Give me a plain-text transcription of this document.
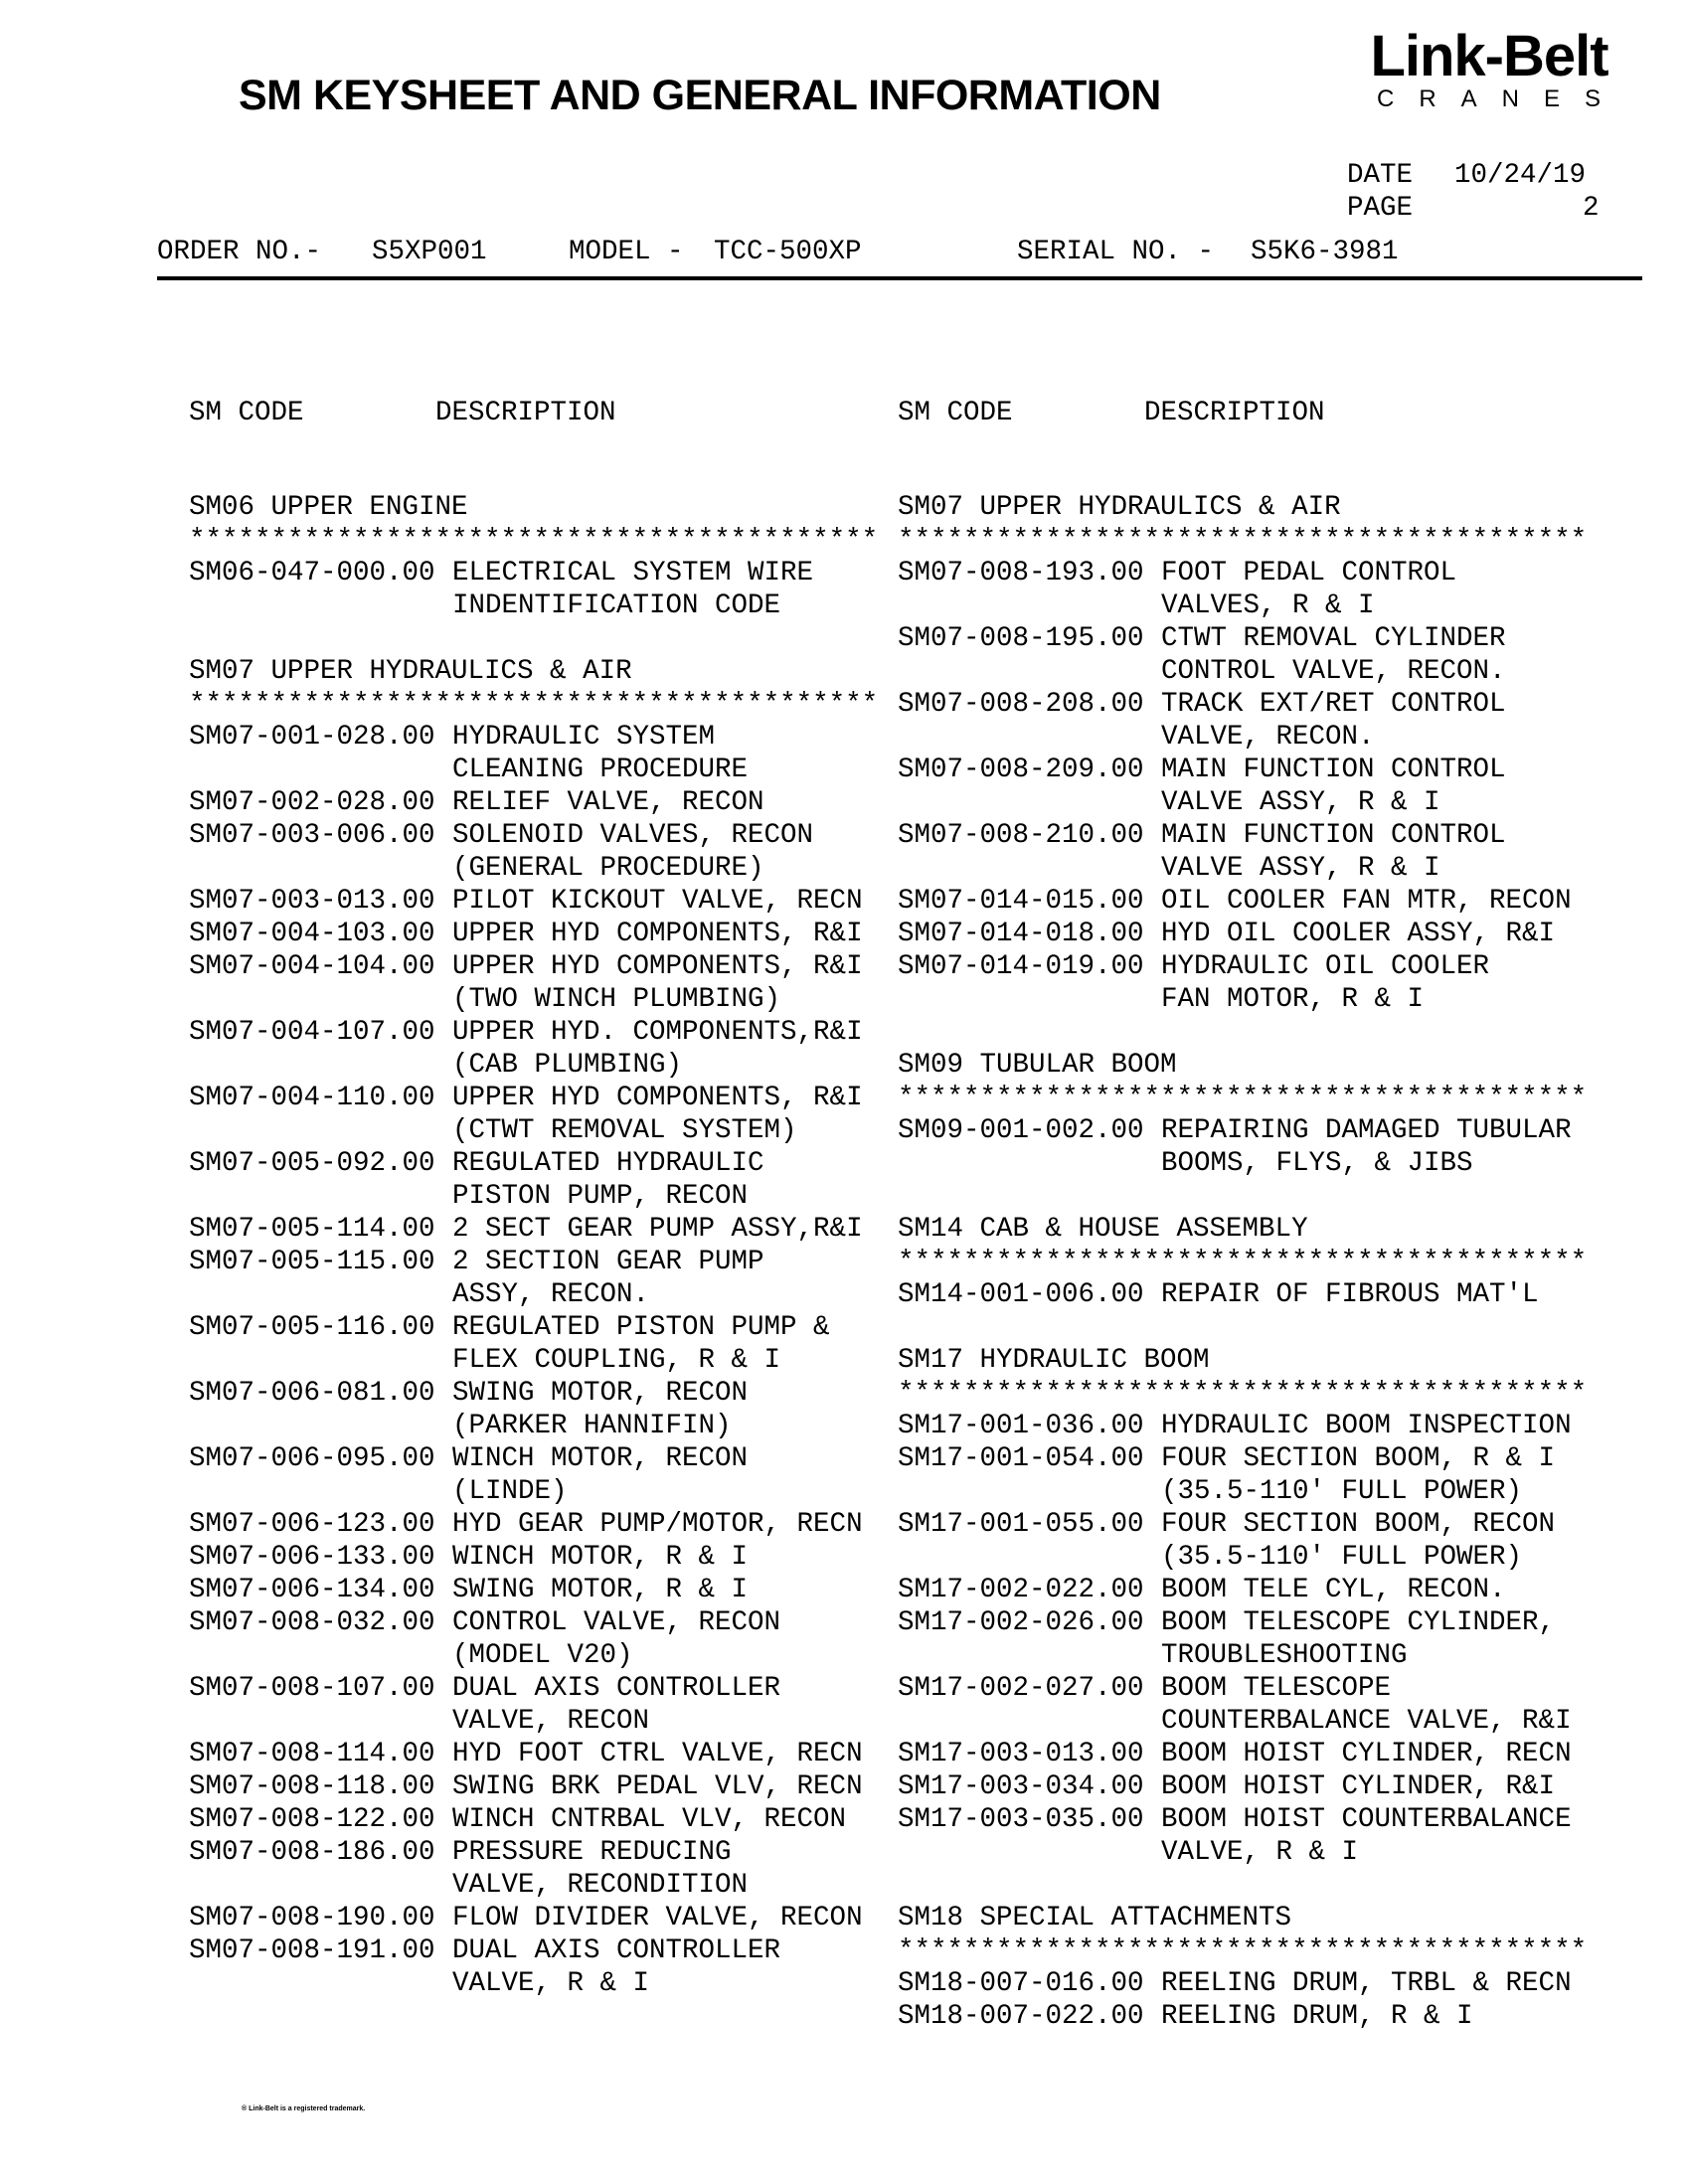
SM KEYSHEET AND GENERAL INFORMATION
Link-Belt
CRANES
DATE 10/24/19
PAGE	2
ORDER NO.- S5XP001	MODEL - TCC-500XP	SERIAL NO. - S5K6-3981

SM CODE	DESCRIPTION

SM06 UPPER ENGINE
******************************************
SM06-047-000.00 ELECTRICAL SYSTEM WIRE
INDENTIFICATION CODE
SM07 UPPER HYDRAULICS & AIR
******************************************
SM07-001-028.00 HYDRAULIC SYSTEM
CLEANING PROCEDURE
SM07-002-028.00 RELIEF VALVE, RECON
SM07-003-006.00 SOLENOID VALVES, RECON
(GENERAL PROCEDURE)
SM07-003-013.00 PILOT KICKOUT VALVE, RECN
SM07-004-103.00 UPPER HYD COMPONENTS, R&I
SM07-004-104.00 UPPER HYD COMPONENTS, R&I
(TWO WINCH PLUMBING)
SM07-004-107.00 UPPER HYD. COMPONENTS,R&I
(CAB PLUMBING)
SM07-004-110.00 UPPER HYD COMPONENTS, R&I
(CTWT REMOVAL SYSTEM)
SM07-005-092.00 REGULATED HYDRAULIC
PISTON PUMP, RECON
SM07-005-114.00 2 SECT GEAR PUMP ASSY,R&I
SM07-005-115.00 2 SECTION GEAR PUMP
ASSY, RECON.
SM07-005-116.00 REGULATED PISTON PUMP &
FLEX COUPLING, R & I
SM07-006-081.00 SWING MOTOR, RECON
(PARKER HANNIFIN)
SM07-006-095.00 WINCH MOTOR, RECON
(LINDE)
SM07-006-123.00 HYD GEAR PUMP/MOTOR, RECN
SM07-006-133.00 WINCH MOTOR, R & I
SM07-006-134.00 SWING MOTOR, R & I
SM07-008-032.00 CONTROL VALVE, RECON
(MODEL V20)
SM07-008-107.00 DUAL AXIS CONTROLLER
VALVE, RECON
SM07-008-114.00 HYD FOOT CTRL VALVE, RECN
SM07-008-118.00 SWING BRK PEDAL VLV, RECN
SM07-008-122.00 WINCH CNTRBAL VLV, RECON
SM07-008-186.00 PRESSURE REDUCING
VALVE, RECONDITION
SM07-008-190.00 FLOW DIVIDER VALVE, RECON
SM07-008-191.00 DUAL AXIS CONTROLLER
VALVE, R & I

SM CODE	DESCRIPTION

SM07 UPPER HYDRAULICS & AIR
******************************************
SM07-008-193.00 FOOT PEDAL CONTROL
VALVES, R & I
SM07-008-195.00 CTWT REMOVAL CYLINDER
CONTROL VALVE, RECON.
SM07-008-208.00 TRACK EXT/RET CONTROL
VALVE, RECON.
SM07-008-209.00 MAIN FUNCTION CONTROL
VALVE ASSY, R & I
SM07-008-210.00 MAIN FUNCTION CONTROL
VALVE ASSY, R & I
SM07-014-015.00 OIL COOLER FAN MTR, RECON
SM07-014-018.00 HYD OIL COOLER ASSY, R&I
SM07-014-019.00 HYDRAULIC OIL COOLER
FAN MOTOR, R & I
SM09 TUBULAR BOOM
******************************************
SM09-001-002.00 REPAIRING DAMAGED TUBULAR
BOOMS, FLYS, & JIBS
SM14 CAB & HOUSE ASSEMBLY
******************************************
SM14-001-006.00 REPAIR OF FIBROUS MAT'L
SM17 HYDRAULIC BOOM
******************************************
SM17-001-036.00 HYDRAULIC BOOM INSPECTION
SM17-001-054.00 FOUR SECTION BOOM, R & I
(35.5-110' FULL POWER)
SM17-001-055.00 FOUR SECTION BOOM, RECON
(35.5-110' FULL POWER)
SM17-002-022.00 BOOM TELE CYL, RECON.
SM17-002-026.00 BOOM TELESCOPE CYLINDER,
TROUBLESHOOTING
SM17-002-027.00 BOOM TELESCOPE
COUNTERBALANCE VALVE, R&I
SM17-003-013.00 BOOM HOIST CYLINDER, RECN
SM17-003-034.00 BOOM HOIST CYLINDER, R&I
SM17-003-035.00 BOOM HOIST COUNTERBALANCE
VALVE, R & I
SM18 SPECIAL ATTACHMENTS
******************************************
SM18-007-016.00 REELING DRUM, TRBL & RECN
SM18-007-022.00 REELING DRUM, R & I

® Link-Belt is a registered trademark.
